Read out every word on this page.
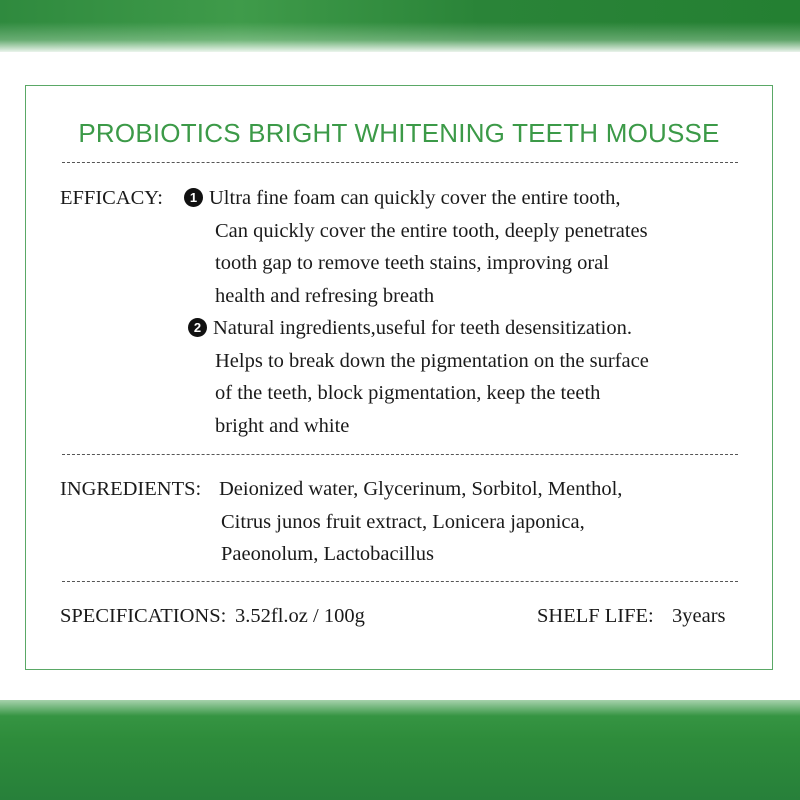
PROBIOTICS BRIGHT WHITENING TEETH MOUSSE
EFFICACY:	1 Ultra fine foam can quickly cover the entire tooth,
Can quickly cover the entire tooth, deeply penetrates
tooth gap to remove teeth stains, improving oral
health and refresing breath
2 Natural ingredients,useful for teeth desensitization.
Helps to break down the pigmentation on the surface
of the teeth, block pigmentation, keep the teeth
bright and white
INGREDIENTS: Deionized water, Glycerinum, Sorbitol, Menthol,
Citrus junos fruit extract, Lonicera japonica,
Paeonolum, Lactobacillus
SPECIFICATIONS: 3.52fl.oz / 100g	SHELF LIFE: 3years
